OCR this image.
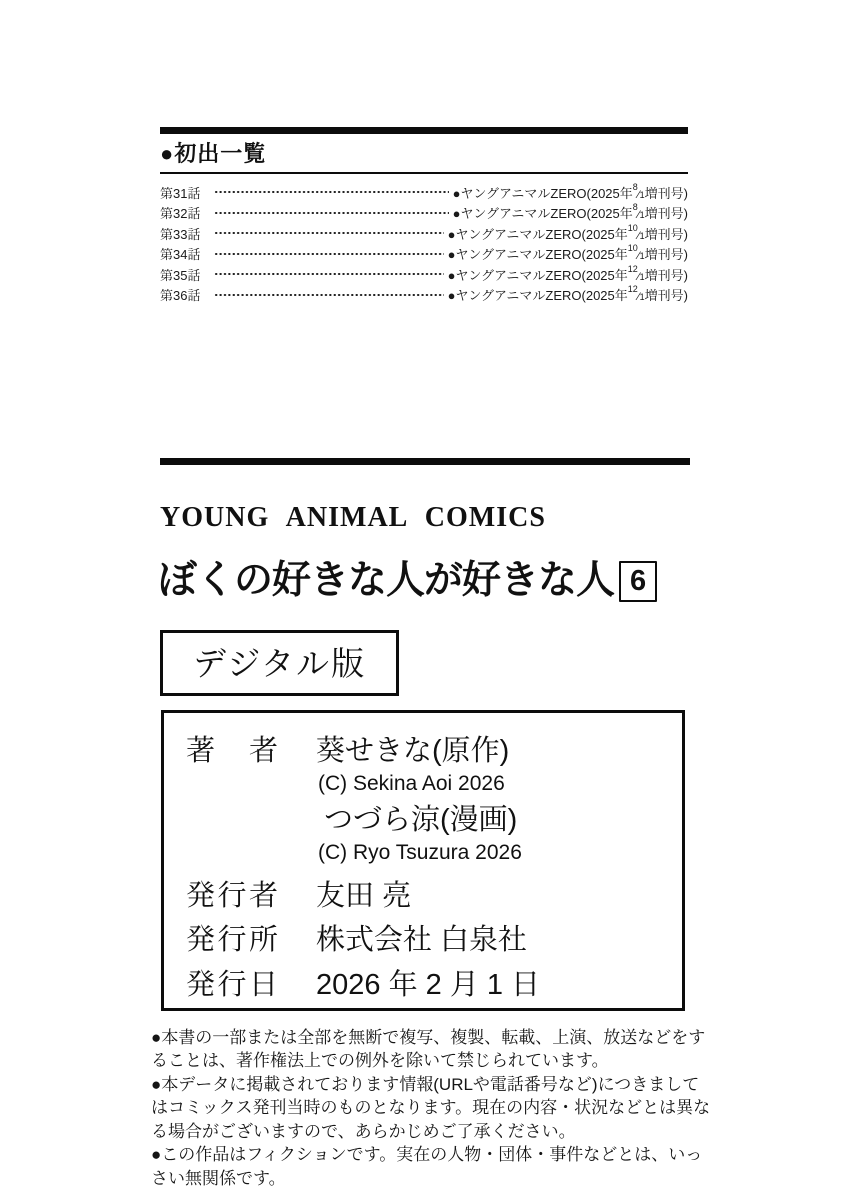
●初出一覧
第31話	●ヤングアニマルZERO(2025年$^8$⁄1増刊号)
第32話	●ヤングアニマルZERO(2025年$^8$⁄1増刊号)
第33話	●ヤングアニマルZERO(2025年$^{10}$⁄1増刊号)
第34話	●ヤングアニマルZERO(2025年$^{10}$⁄1増刊号)
第35話	●ヤングアニマルZERO(2025年$^{12}$⁄1増刊号)
第36話	●ヤングアニマルZERO(2025年$^{12}$⁄1増刊号)
YOUNG ANIMAL COMICS
ぼくの好きな人が好きな人 6
デジタル版
著者 葵せきな(原作)
(C) Sekina Aoi 2026
つづら涼(漫画)
(C) Ryo Tsuzura 2026
発行者 友田 亮
発行所 株式会社 白泉社
発行日 2026 年 2 月 1 日

●本書の一部または全部を無断で複写、複製、転載、上演、放送などをすることは、著作権法上での例外を除いて禁じられています。

●本データに掲載されております情報(URLや電話番号など)につきましてはコミックス発刊当時のものとなります。現在の内容・状況などとは異なる場合がございますので、あらかじめご了承ください。

●この作品はフィクションです。実在の人物・団体・事件などとは、いっさい無関係です。
